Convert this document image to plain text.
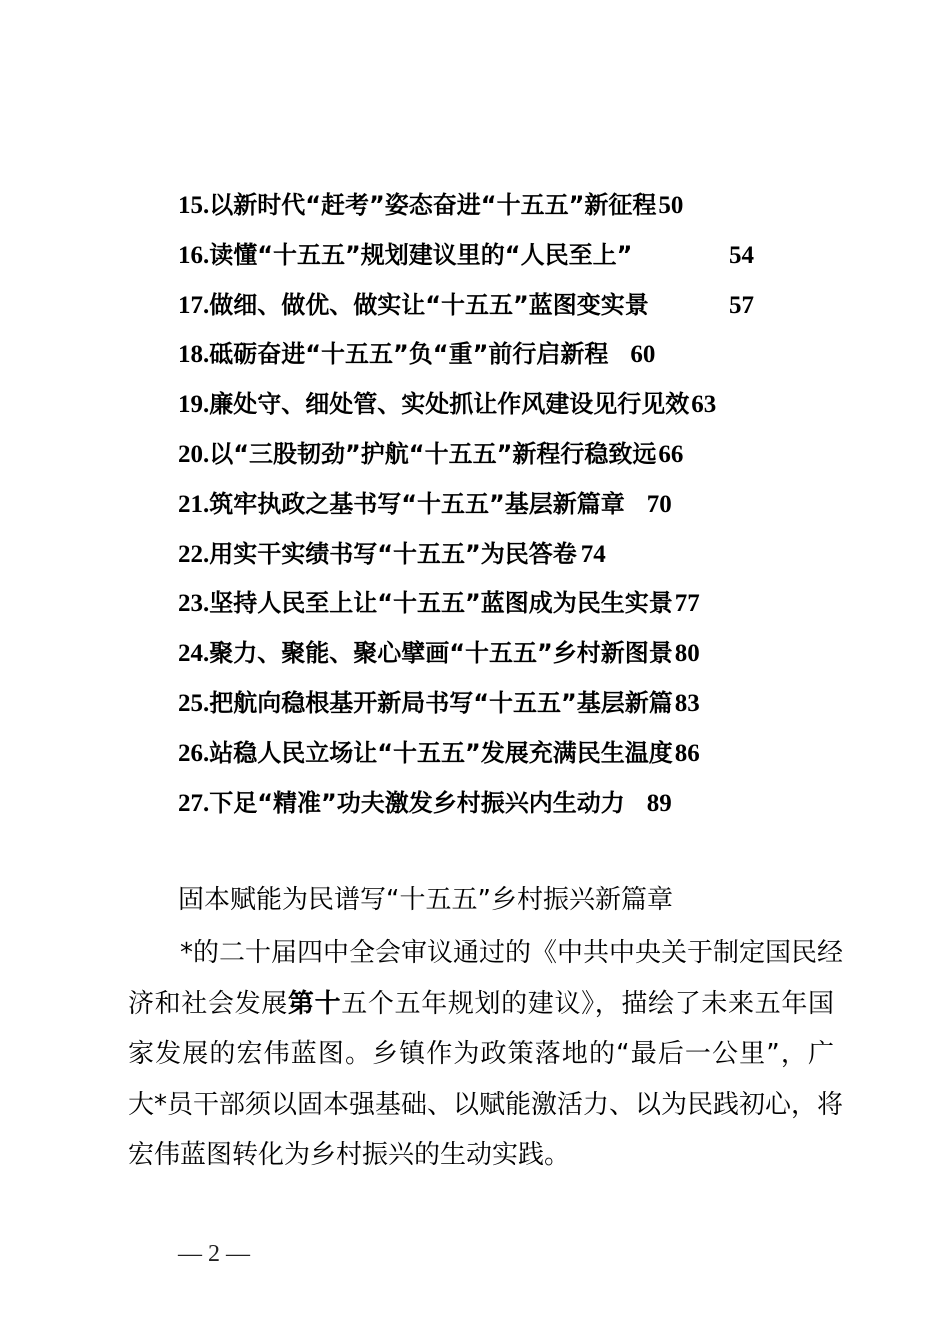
15.以新时代“赶考”姿态奋进“十五五”新征程50
16.读懂“十五五”规划建议里的“人民至上”	54
17.做细、做优、做实让“十五五”蓝图变实景	57
18.砥砺奋进“十五五”负“重”前行启新程 60
19.廉处守、细处管、实处抓让作风建设见行见效63
20.以“三股韧劲”护航“十五五”新程行稳致远66
21.筑牢执政之基书写“十五五”基层新篇章 70
22.用实干实绩书写“十五五”为民答卷 74
23.坚持人民至上让“十五五”蓝图成为民生实景77
24.聚力、聚能、聚心擘画“十五五”乡村新图景80
25.把航向稳根基开新局书写“十五五”基层新篇83
26.站稳人民立场让“十五五”发展充满民生温度86
27.下足“精准”功夫激发乡村振兴内生动力 89
固本赋能为民谱写“十五五”乡村振兴新篇章

*的二十届四中全会审议通过的《中共中央关于制定国民经
济和社会发展第十五个五年规划的建议》，描绘了未来五年国
家发展的宏伟蓝图。乡镇作为政策落地的“最后一公里”，广
大*员干部须以固本强基础、以赋能激活力、以为民践初心，将
宏伟蓝图转化为乡村振兴的生动实践。

— 2 —
